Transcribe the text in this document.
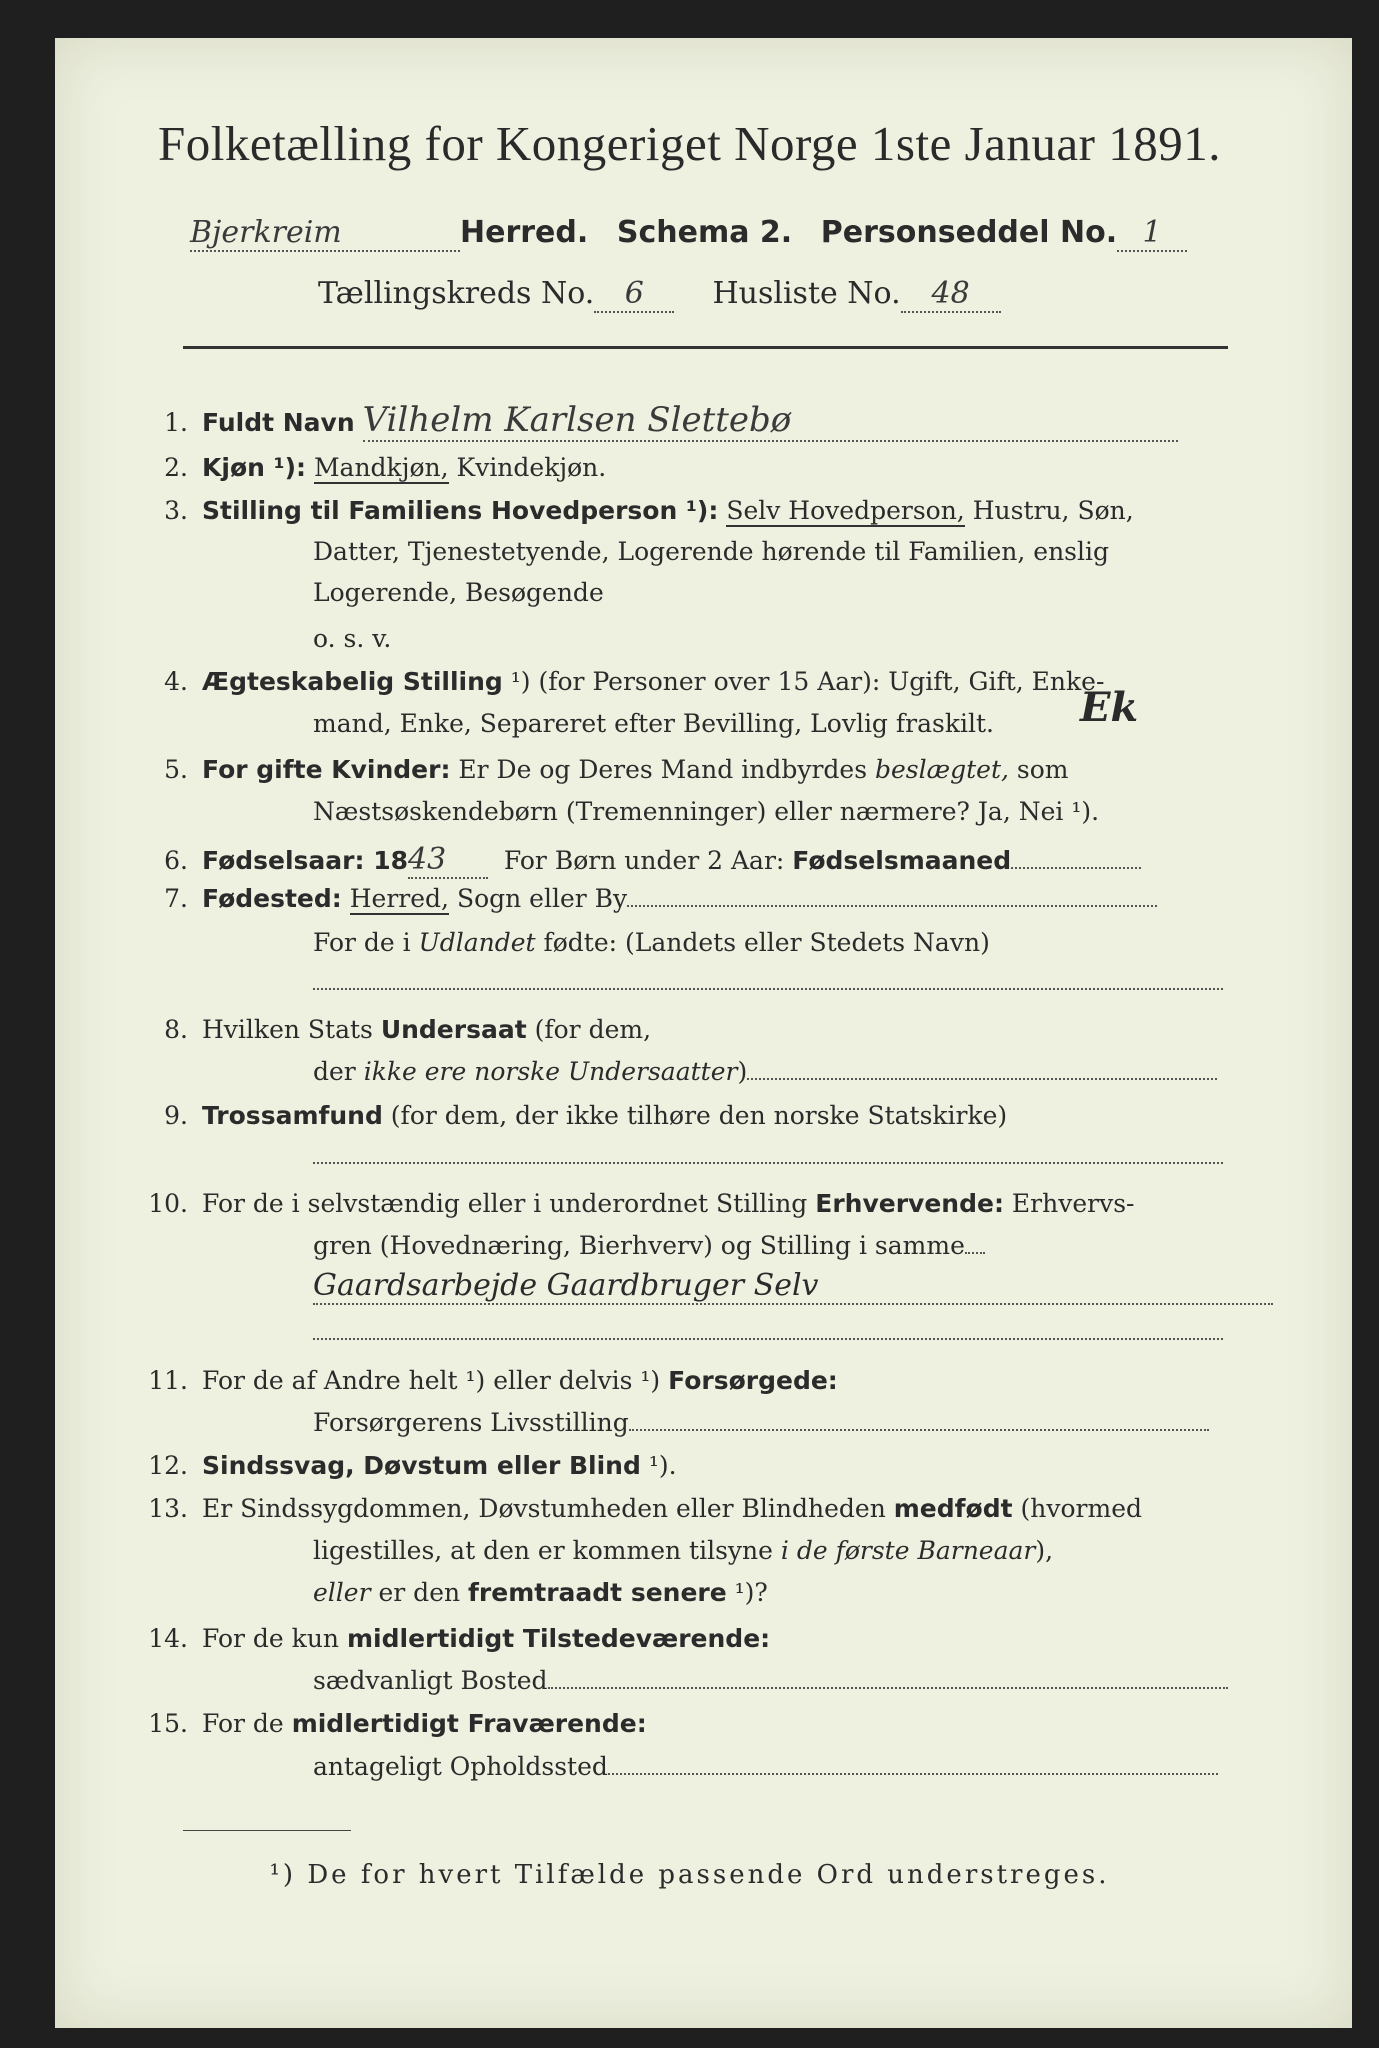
Folketælling for Kongeriget Norge 1ste Januar 1891.
Bjerkreim	Herred. Schema 2. Personseddel No. 1
Tællingskreds No. 6 Husliste No. 48
1. Fuldt Navn Vilhelm Karlsen Slettebø
2. Kjøn ¹): Mandkjøn, Kvindekjøn.
3. Stilling til Familiens Hovedperson ¹): Selv Hovedperson, Hustru, Søn,
Datter, Tjenestetyende, Logerende hørende til Familien, enslig
Logerende, Besøgende
o. s. v.
4. Ægteskabelig Stilling ¹) (for Personer over 15 Aar): Ugift, Gift, Enke-
mand, Enke, Separeret efter Bevilling, Lovlig fraskilt. Ek
5. For gifte Kvinder: Er De og Deres Mand indbyrdes beslægtet, som
Næstsøskendebørn (Tremenninger) eller nærmere? Ja, Nei ¹).
6. Fødselsaar: 1843 For Børn under 2 Aar: Fødselsmaaned
7. Fødested: Herred, Sogn eller By
For de i Udlandet fødte: (Landets eller Stedets Navn)
8. Hvilken Stats Undersaat (for dem,
der ikke ere norske Undersaatter)
9. Trossamfund (for dem, der ikke tilhøre den norske Statskirke)
10. For de i selvstændig eller i underordnet Stilling Erhvervende: Erhvervs-
gren (Hovednæring, Bierhverv) og Stilling i samme
Gaardsarbejde Gaardbruger Selv
11. For de af Andre helt ¹) eller delvis ¹) Forsørgede:
Forsørgerens Livsstilling
12. Sindssvag, Døvstum eller Blind ¹).
13. Er Sindssygdommen, Døvstumheden eller Blindheden medfødt (hvormed
ligestilles, at den er kommen tilsyne i de første Barneaar),
eller er den fremtraadt senere ¹)?
14. For de kun midlertidigt Tilstedeværende:
sædvanligt Bosted
15. For de midlertidigt Fraværende:
antageligt Opholdssted
¹) De for hvert Tilfælde passende Ord understreges.
